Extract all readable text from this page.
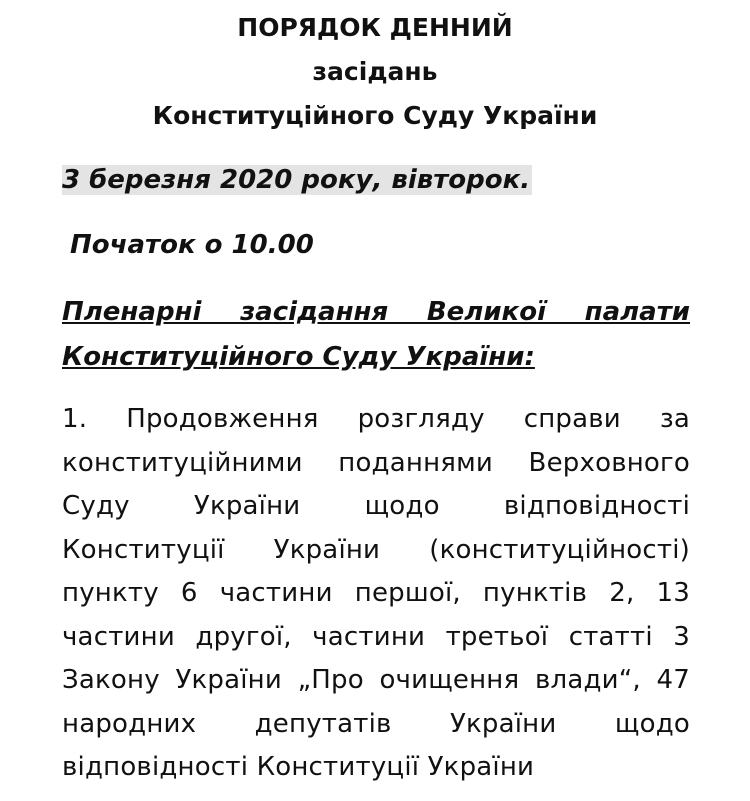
ПОРЯДОК ДЕННИЙ
засідань
Конституційного Суду України
3 березня 2020 року, вівторок.
Початок о 10.00
Пленарні засідання Великої палати Конституційного Суду України:
1. Продовження розгляду справи за конституційними поданнями Верховного Суду України щодо відповідності Конституції України (конституційності) пункту 6 частини першої, пунктів 2, 13 частини другої, частини третьої статті 3 Закону України „Про очищення влади“, 47 народних депутатів України щодо відповідності Конституції України
